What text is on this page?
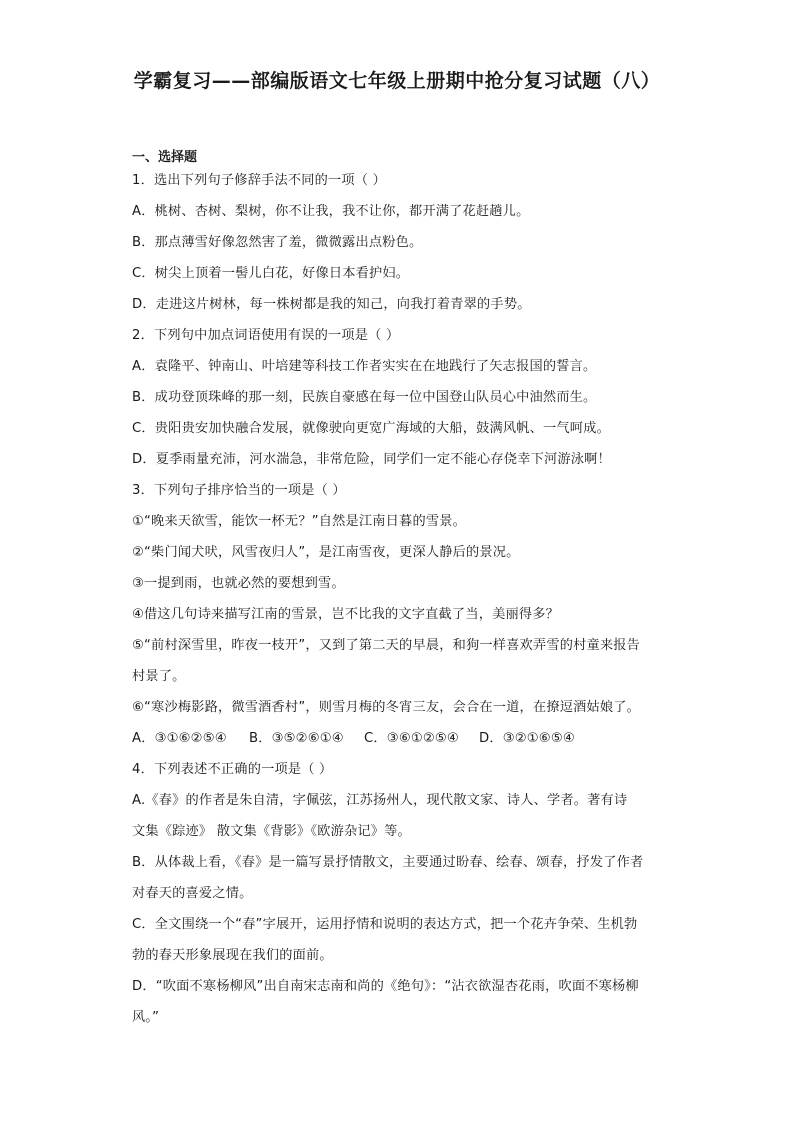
学霸复习——部编版语文七年级上册期中抢分复习试题（八）
一、选择题
1．选出下列句子修辞手法不同的一项（ ）
A．桃树、杏树、梨树，你不让我，我不让你，都开满了花赶趟儿。
B．那点薄雪好像忽然害了羞，微微露出点粉色。
C．树尖上顶着一髻儿白花，好像日本看护妇。
D．走进这片树林，每一株树都是我的知己，向我打着青翠的手势。
2．下列句中加点词语使用有误的一项是（ ）
A．袁隆平、钟南山、叶培建等科技工作者实实在在地践行了矢志报国的誓言。
B．成功登顶珠峰的那一刻，民族自豪感在每一位中国登山队员心中油然而生。
C．贵阳贵安加快融合发展，就像驶向更宽广海域的大船，鼓满风帆、一气呵成。
D．夏季雨量充沛，河水湍急，非常危险，同学们一定不能心存侥幸下河游泳啊！
3．下列句子排序恰当的一项是（ ）
①“晚来天欲雪，能饮一杯无？”自然是江南日暮的雪景。
②“柴门闻犬吠，风雪夜归人”，是江南雪夜，更深人静后的景况。
③一提到雨，也就必然的要想到雪。
④借这几句诗来描写江南的雪景，岂不比我的文字直截了当，美丽得多？
⑤“前村深雪里，昨夜一枝开”，又到了第二天的早晨，和狗一样喜欢弄雪的村童来报告
村景了。
⑥“寒沙梅影路，微雪酒香村”，则雪月梅的冬宵三友，会合在一道，在撩逗酒姑娘了。
A．③①⑥②⑤④ B．③⑤②⑥①④ C．③⑥①②⑤④ D．③②①⑥⑤④
4．下列表述不正确的一项是（ ）
A.《春》的作者是朱自清，字佩弦，江苏扬州人，现代散文家、诗人、学者。著有诗
文集《踪迹》 散文集《背影》《欧游杂记》等。
B．从体裁上看，《春》是一篇写景抒情散文，主要通过盼春、绘春、颂春，抒发了作者
对春天的喜爱之情。
C．全文围绕一个“春”字展开，运用抒情和说明的表达方式，把一个花卉争荣、生机勃
勃的春天形象展现在我们的面前。
D．“吹面不寒杨柳风”出自南宋志南和尚的《绝句》：“沾衣欲湿杏花雨，吹面不寒杨柳
风。”
